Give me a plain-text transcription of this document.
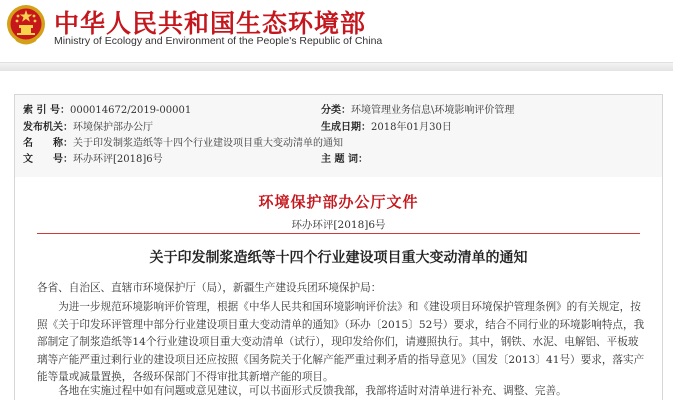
中华人民共和国生态环境部
Ministry of Ecology and Environment of the People's Republic of China
索 引 号：000014672/2019-00001	分类：环境管理业务信息\环境影响评价管理
发布机关：环境保护部办公厅	生成日期：2018年01月30日
名　　称：关于印发制浆造纸等十四个行业建设项目重大变动清单的通知
文　　号：环办环评[2018]6号	主 题 词：
环境保护部办公厅文件
环办环评[2018]6号
关于印发制浆造纸等十四个行业建设项目重大变动清单的通知
各省、自治区、直辖市环境保护厅（局），新疆生产建设兵团环境保护局：
为进一步规范环境影响评价管理，根据《中华人民共和国环境影响评价法》和《建设项目环境保护管理条例》的有关规定，按照《关于印发环评管理中部分行业建设项目重大变动清单的通知》（环办〔2015〕52号）要求，结合不同行业的环境影响特点，我部制定了制浆造纸等14个行业建设项目重大变动清单（试行），现印发给你们，请遵照执行。其中，钢铁、水泥、电解铝、平板玻璃等产能严重过剩行业的建设项目还应按照《国务院关于化解产能严重过剩矛盾的指导意见》（国发〔2013〕41号）要求，落实产能等量或减量置换，各级环保部门不得审批其新增产能的项目。
各地在实施过程中如有问题或意见建议，可以书面形式反馈我部，我部将适时对清单进行补充、调整、完善。
